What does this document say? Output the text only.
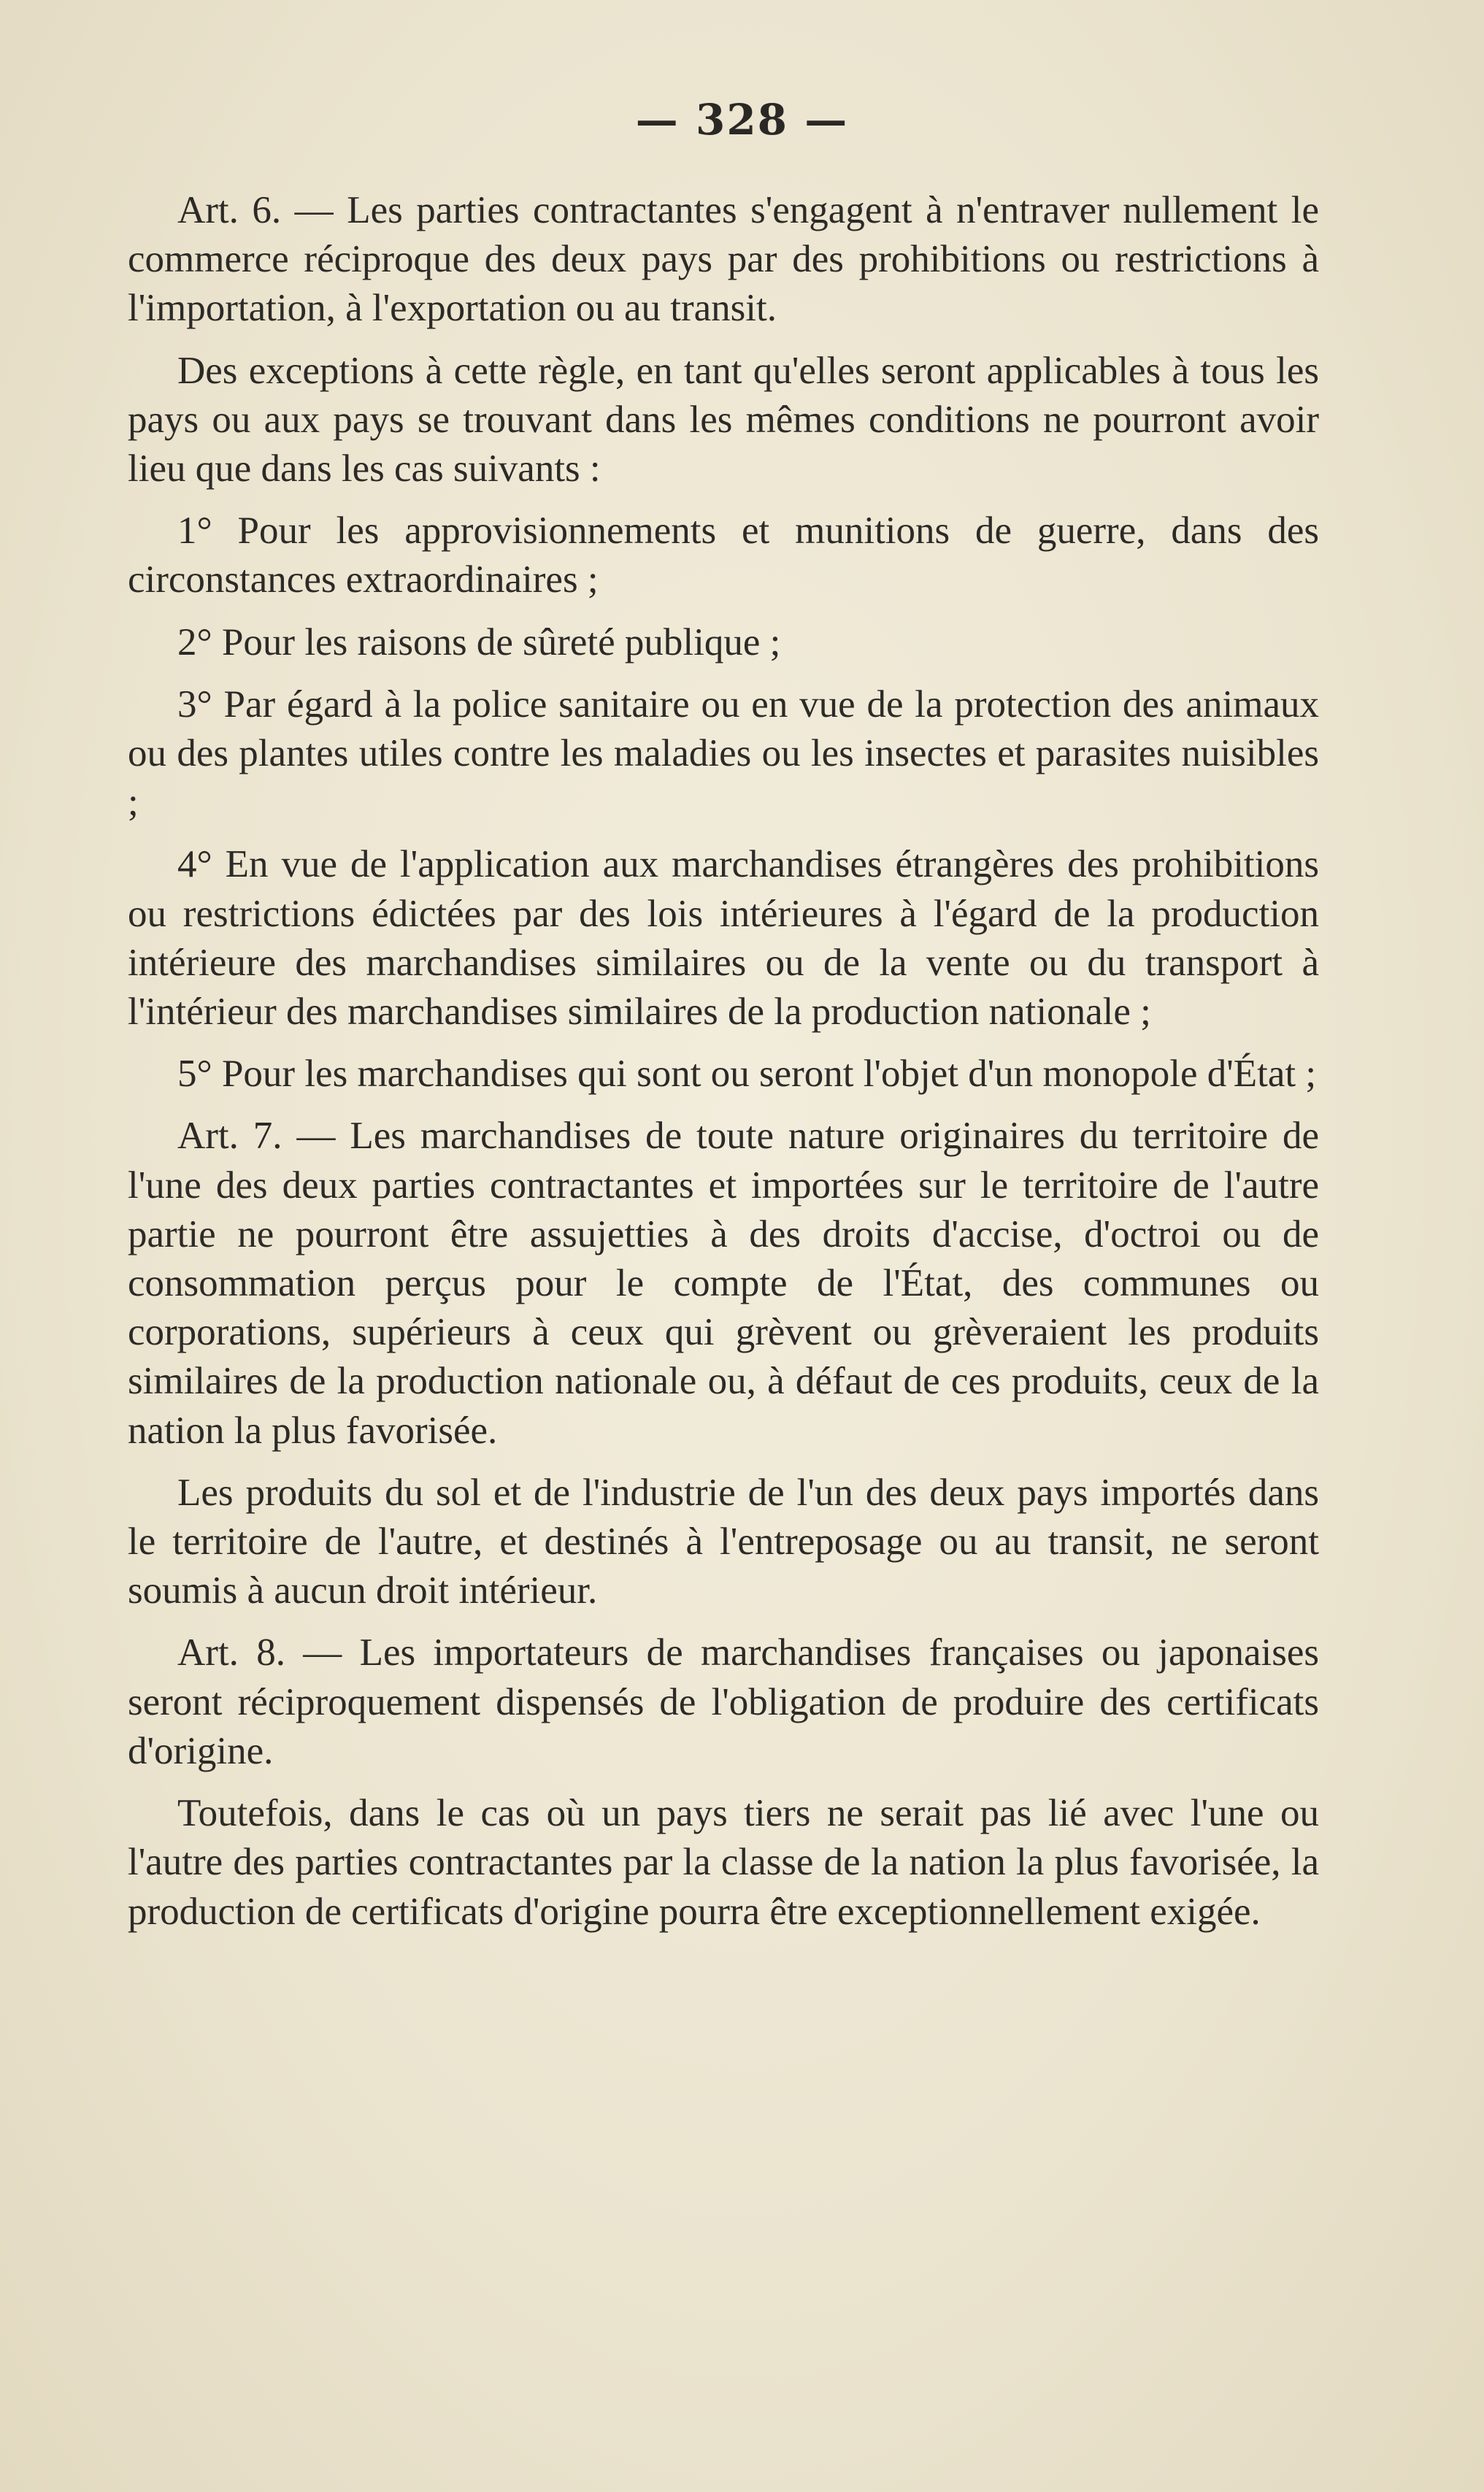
— 328 —

Art. 6. — Les parties contractantes s'engagent à n'entraver nullement le commerce réciproque des deux pays par des prohibitions ou restrictions à l'importation, à l'exportation ou au transit.

Des exceptions à cette règle, en tant qu'elles seront applicables à tous les pays ou aux pays se trouvant dans les mêmes conditions ne pourront avoir lieu que dans les cas suivants :

1° Pour les approvisionnements et munitions de guerre, dans des circonstances extraordinaires ;

2° Pour les raisons de sûreté publique ;

3° Par égard à la police sanitaire ou en vue de la protection des animaux ou des plantes utiles contre les maladies ou les insectes et parasites nuisibles ;

4° En vue de l'application aux marchandises étrangères des prohibitions ou restrictions édictées par des lois intérieures à l'égard de la production intérieure des marchandises similaires ou de la vente ou du transport à l'intérieur des marchandises similaires de la production nationale ;

5° Pour les marchandises qui sont ou seront l'objet d'un monopole d'État ;

Art. 7. — Les marchandises de toute nature originaires du territoire de l'une des deux parties contractantes et importées sur le territoire de l'autre partie ne pourront être assujetties à des droits d'accise, d'octroi ou de consommation perçus pour le compte de l'État, des communes ou corporations, supérieurs à ceux qui grèvent ou grèveraient les produits similaires de la production nationale ou, à défaut de ces produits, ceux de la nation la plus favorisée.

Les produits du sol et de l'industrie de l'un des deux pays importés dans le territoire de l'autre, et destinés à l'entreposage ou au transit, ne seront soumis à aucun droit intérieur.

Art. 8. — Les importateurs de marchandises françaises ou japonaises seront réciproquement dispensés de l'obligation de produire des certificats d'origine.

Toutefois, dans le cas où un pays tiers ne serait pas lié avec l'une ou l'autre des parties contractantes par la classe de la nation la plus favorisée, la production de certificats d'origine pourra être exceptionnellement exigée.
